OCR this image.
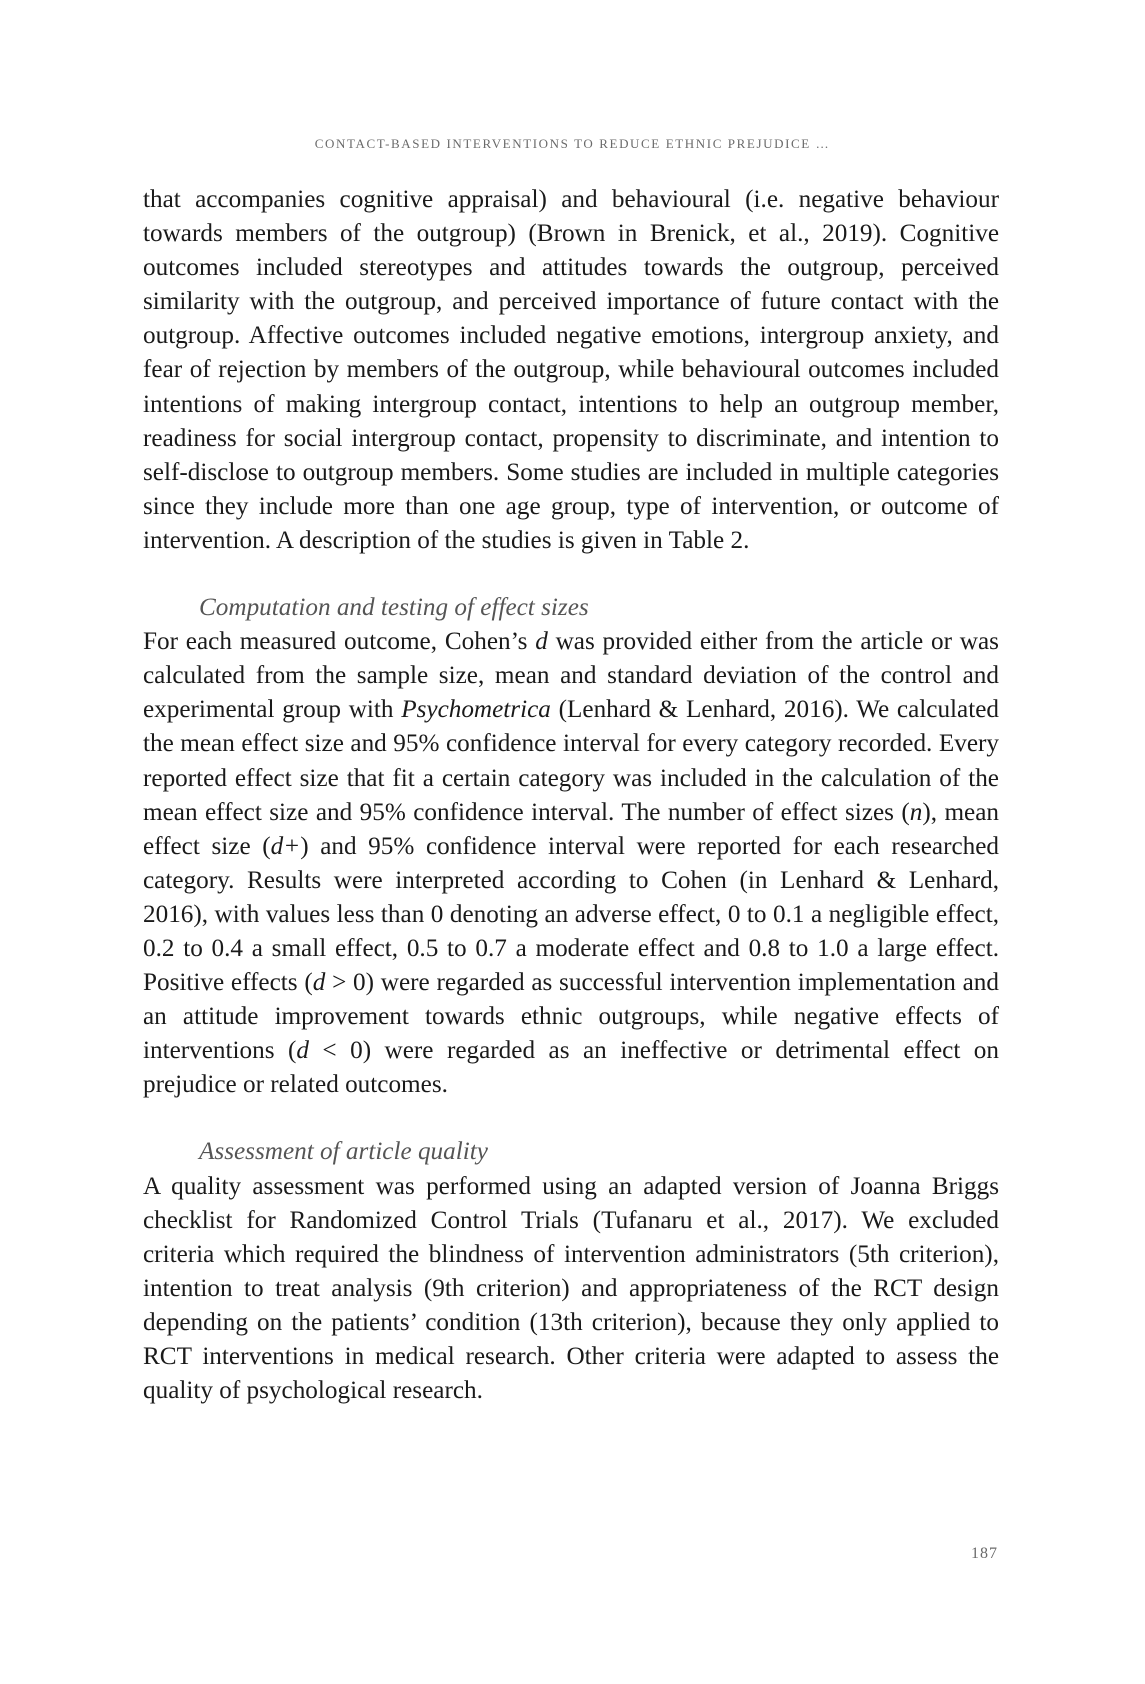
CONTACT-BASED INTERVENTIONS TO REDUCE ETHNIC PREJUDICE …

that accompanies cognitive appraisal) and behavioural (i.e. negative behaviour towards members of the outgroup) (Brown in Brenick, et al., 2019). Cognitive outcomes included stereotypes and attitudes towards the outgroup, perceived similarity with the outgroup, and perceived importance of future contact with the outgroup. Affective outcomes included negative emotions, intergroup anxiety, and fear of rejection by members of the outgroup, while behavioural outcomes included intentions of making intergroup contact, intentions to help an outgroup member, readiness for social intergroup contact, propensity to discriminate, and intention to self-disclose to outgroup members. Some studies are included in multiple categories since they include more than one age group, type of intervention, or outcome of intervention. A description of the studies is given in Table 2.

Computation and testing of effect sizes

For each measured outcome, Cohen’s d was provided either from the article or was calculated from the sample size, mean and standard deviation of the control and experimental group with Psychometrica (Lenhard & Lenhard, 2016). We calculated the mean effect size and 95% confidence interval for every category recorded. Every reported effect size that fit a certain category was included in the calculation of the mean effect size and 95% confidence interval. The number of effect sizes (n), mean effect size (d+) and 95% confidence interval were reported for each researched category. Results were interpreted according to Cohen (in Lenhard & Lenhard, 2016), with values less than 0 denoting an adverse effect, 0 to 0.1 a negligible effect, 0.2 to 0.4 a small effect, 0.5 to 0.7 a moderate effect and 0.8 to 1.0 a large effect. Positive effects (d > 0) were regarded as successful intervention implementation and an attitude improvement towards ethnic outgroups, while negative effects of interventions (d < 0) were regarded as an ineffective or detrimental effect on prejudice or related outcomes.

Assessment of article quality

A quality assessment was performed using an adapted version of Joanna Briggs checklist for Randomized Control Trials (Tufanaru et al., 2017). We excluded criteria which required the blindness of intervention administrators (5th criterion), intention to treat analysis (9th criterion) and appropriateness of the RCT design depending on the patients’ condition (13th criterion), because they only applied to RCT interventions in medical research. Other criteria were adapted to assess the quality of psychological research.

187
